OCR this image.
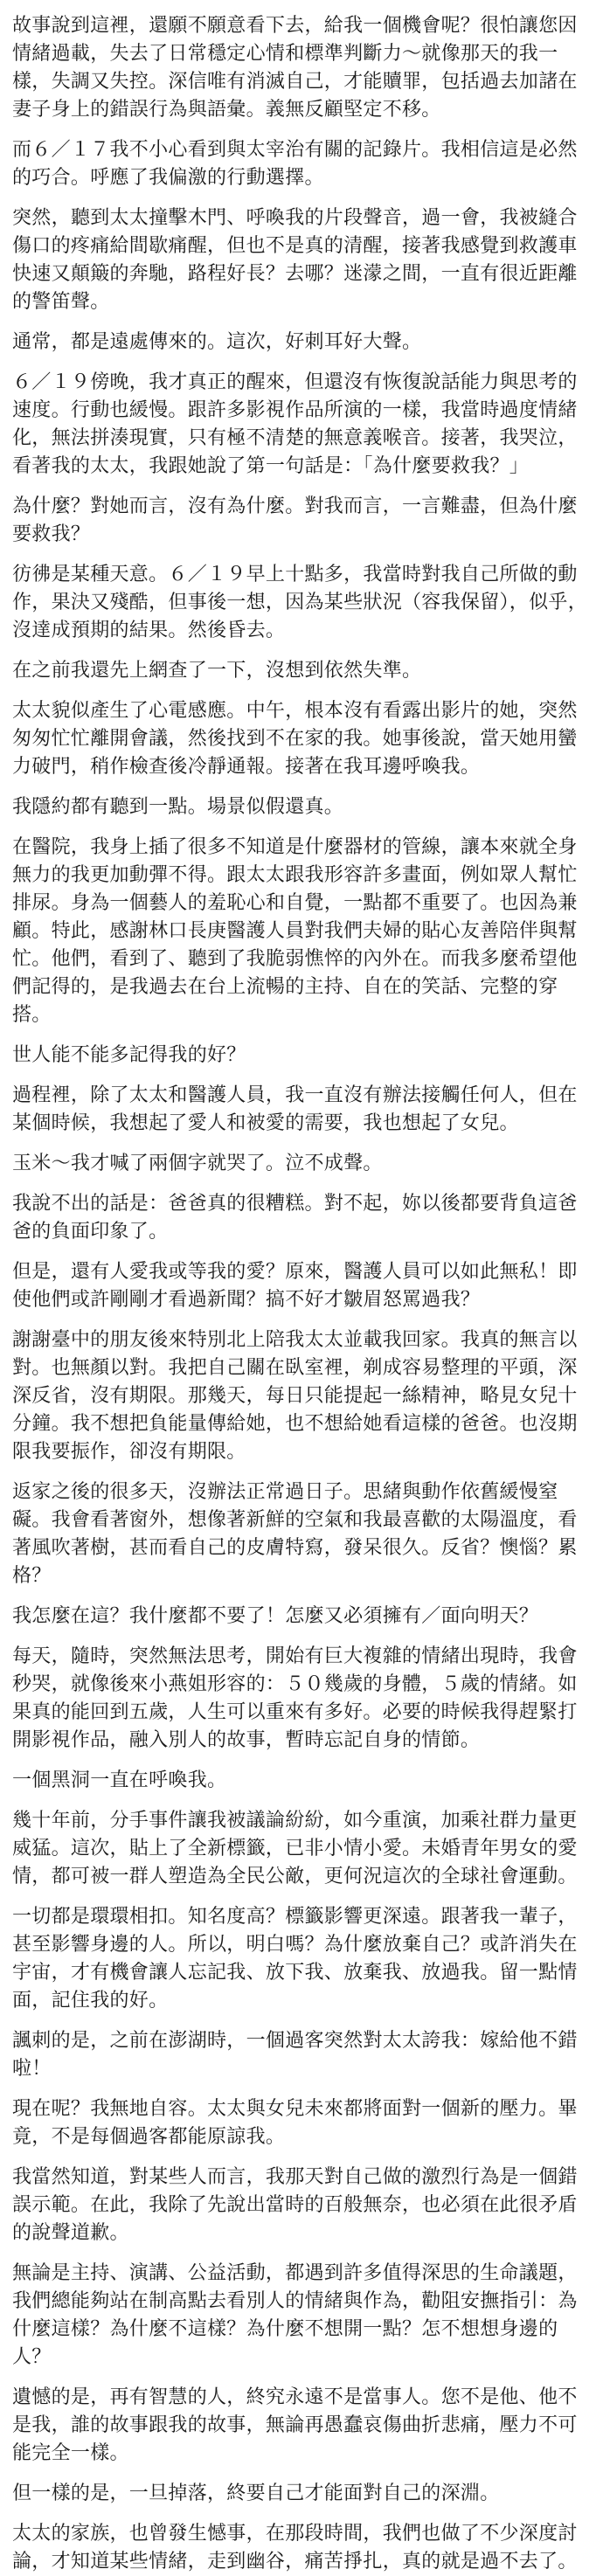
故事說到這裡，還願不願意看下去，給我一個機會呢？很怕讓您因情緒過載，失去了日常穩定心情和標準判斷力～就像那天的我一樣，失調又失控。深信唯有消滅自己，才能贖罪，包括過去加諸在妻子身上的錯誤行為與語彙。義無反顧堅定不移。

而６／１７我不小心看到與太宰治有關的記錄片。我相信這是必然的巧合。呼應了我偏激的行動選擇。

突然，聽到太太撞擊木門、呼喚我的片段聲音，過一會，我被縫合傷口的疼痛給間歇痛醒，但也不是真的清醒，接著我感覺到救護車快速又顛簸的奔馳，路程好長？去哪？迷濛之間，一直有很近距離的警笛聲。

通常，都是遠處傳來的。這次，好刺耳好大聲。

６／１９傍晚，我才真正的醒來，但還沒有恢復說話能力與思考的速度。行動也緩慢。跟許多影視作品所演的一樣，我當時過度情緒化，無法拼湊現實，只有極不清楚的無意義喉音。接著，我哭泣，看著我的太太，我跟她說了第一句話是：「為什麼要救我？」

為什麼？對她而言，沒有為什麼。對我而言，一言難盡，但為什麼要救我？

彷彿是某種天意。６／１９早上十點多，我當時對我自己所做的動作，果決又殘酷，但事後一想，因為某些狀況（容我保留），似乎，沒達成預期的結果。然後昏去。

在之前我還先上網查了一下，沒想到依然失準。

太太貌似產生了心電感應。中午，根本沒有看露出影片的她，突然匆匆忙忙離開會議，然後找到不在家的我。她事後說，當天她用蠻力破門，稍作檢查後冷靜通報。接著在我耳邊呼喚我。

我隱約都有聽到一點。場景似假還真。

在醫院，我身上插了很多不知道是什麼器材的管線，讓本來就全身無力的我更加動彈不得。跟太太跟我形容許多畫面，例如眾人幫忙排尿。身為一個藝人的羞恥心和自覺，一點都不重要了。也因為兼顧。特此，感謝林口長庚醫護人員對我們夫婦的貼心友善陪伴與幫忙。他們，看到了、聽到了我脆弱憔悴的內外在。而我多麼希望他們記得的，是我過去在台上流暢的主持、自在的笑話、完整的穿搭。

世人能不能多記得我的好？

過程裡，除了太太和醫護人員，我一直沒有辦法接觸任何人，但在某個時候，我想起了愛人和被愛的需要，我也想起了女兒。

玉米～我才喊了兩個字就哭了。泣不成聲。

我說不出的話是：爸爸真的很糟糕。對不起，妳以後都要背負這爸爸的負面印象了。

但是，還有人愛我或等我的愛？原來，醫護人員可以如此無私！即使他們或許剛剛才看過新聞？搞不好才皺眉怒罵過我？

謝謝臺中的朋友後來特別北上陪我太太並載我回家。我真的無言以對。也無顏以對。我把自己關在臥室裡，剃成容易整理的平頭，深深反省，沒有期限。那幾天，每日只能提起一絲精神，略見女兒十分鐘。我不想把負能量傳給她，也不想給她看這樣的爸爸。也沒期限我要振作，卻沒有期限。

返家之後的很多天，沒辦法正常過日子。思緒與動作依舊緩慢窒礙。我會看著窗外，想像著新鮮的空氣和我最喜歡的太陽溫度，看著風吹著樹，甚而看自己的皮膚特寫，發呆很久。反省？懊惱？累格？

我怎麼在這？我什麼都不要了！怎麼又必須擁有／面向明天？

每天，隨時，突然無法思考，開始有巨大複雜的情緒出現時，我會秒哭，就像後來小燕姐形容的：５０幾歲的身體，５歲的情緒。如果真的能回到五歲，人生可以重來有多好。必要的時候我得趕緊打開影視作品，融入別人的故事，暫時忘記自身的情節。

一個黑洞一直在呼喚我。

幾十年前，分手事件讓我被議論紛紛，如今重演，加乘社群力量更威猛。這次，貼上了全新標籤，已非小情小愛。未婚青年男女的愛情，都可被一群人塑造為全民公敵，更何況這次的全球社會運動。

一切都是環環相扣。知名度高？標籤影響更深遠。跟著我一輩子，甚至影響身邊的人。所以，明白嗎？為什麼放棄自己？或許消失在宇宙，才有機會讓人忘記我、放下我、放棄我、放過我。留一點情面，記住我的好。

諷刺的是，之前在澎湖時，一個過客突然對太太誇我：嫁給他不錯啦！

現在呢？我無地自容。太太與女兒未來都將面對一個新的壓力。畢竟，不是每個過客都能原諒我。

我當然知道，對某些人而言，我那天對自己做的激烈行為是一個錯誤示範。在此，我除了先說出當時的百般無奈，也必須在此很矛盾的說聲道歉。

無論是主持、演講、公益活動，都遇到許多值得深思的生命議題，我們總能夠站在制高點去看別人的情緒與作為，勸阻安撫指引：為什麼這樣？為什麼不這樣？為什麼不想開一點？怎不想想身邊的人？

遺憾的是，再有智慧的人，終究永遠不是當事人。您不是他、他不是我，誰的故事跟我的故事，無論再愚蠢哀傷曲折悲痛，壓力不可能完全一樣。

但一樣的是，一旦掉落，終要自己才能面對自己的深淵。

太太的家族，也曾發生憾事，在那段時間，我們也做了不少深度討論，才知道某些情緒，走到幽谷，痛苦掙扎，真的就是過不去了。
